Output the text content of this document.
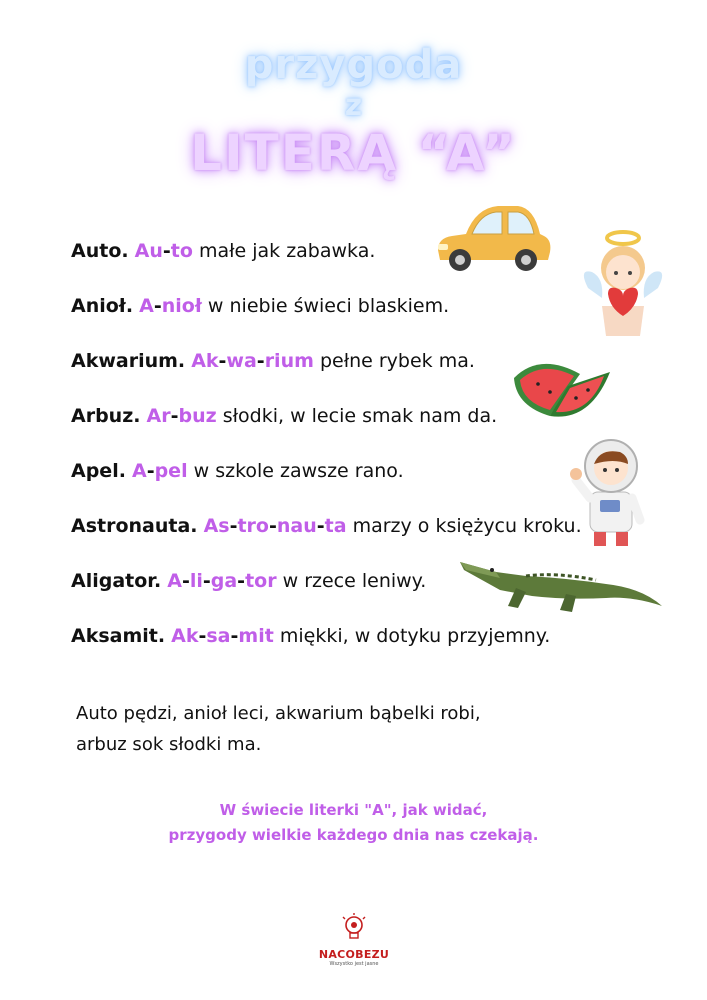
przygoda
z
LITERĄ “A”
Auto. Au-to małe jak zabawka.
Anioł. A-nioł w niebie świeci blaskiem.
Akwarium. Ak-wa-rium pełne rybek ma.
Arbuz. Ar-buz słodki, w lecie smak nam da.
Apel. A-pel w szkole zawsze rano.
Astronauta. As-tro-nau-ta marzy o księżycu kroku.
Aligator. A-li-ga-tor w rzece leniwy.
Aksamit. Ak-sa-mit miękki, w dotyku przyjemny.
Auto pędzi, anioł leci, akwarium bąbelki robi,
arbuz sok słodki ma.
W świecie literki "A", jak widać,
przygody wielkie każdego dnia nas czekają.
NACOBEZU
Wszystko jest jasne
